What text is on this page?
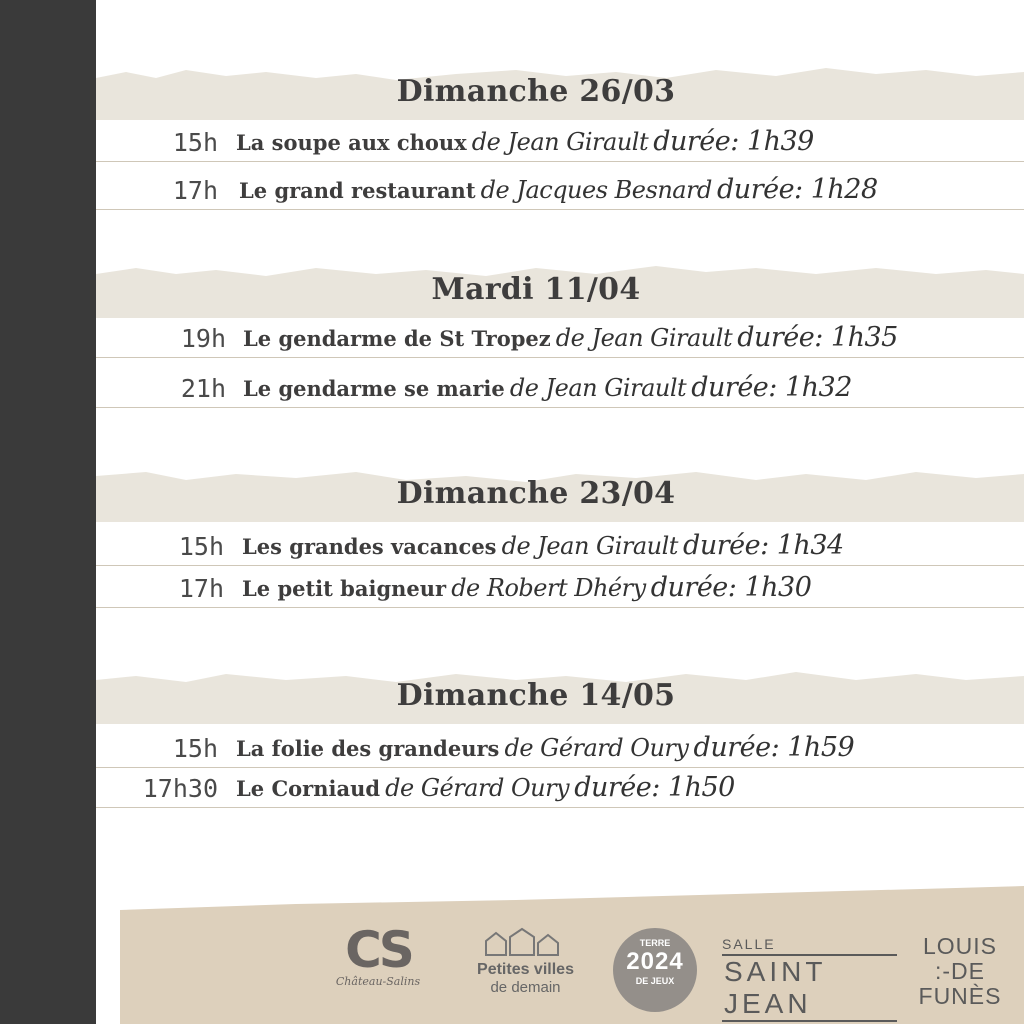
Dimanche 26/03
15h La soupe aux choux de Jean Girault durée: 1h39
17h Le grand restaurant de Jacques Besnard durée: 1h28
Mardi 11/04
19h Le gendarme de St Tropez de Jean Girault durée: 1h35
21h Le gendarme se marie de Jean Girault durée: 1h32
Dimanche 23/04
15h Les grandes vacances de Jean Girault durée: 1h34
17h Le petit baigneur de Robert Dhéry durée: 1h30
Dimanche 14/05
15h La folie des grandeurs de Gérard Oury durée: 1h59
17h30 Le Corniaud de Gérard Oury durée: 1h50
CS
Château-Salins
Petites villes
de demain
TERRE
2024
DE JEUX
SALLE
SAINT JEAN
LOUIS
:-DE
FUNÈS
